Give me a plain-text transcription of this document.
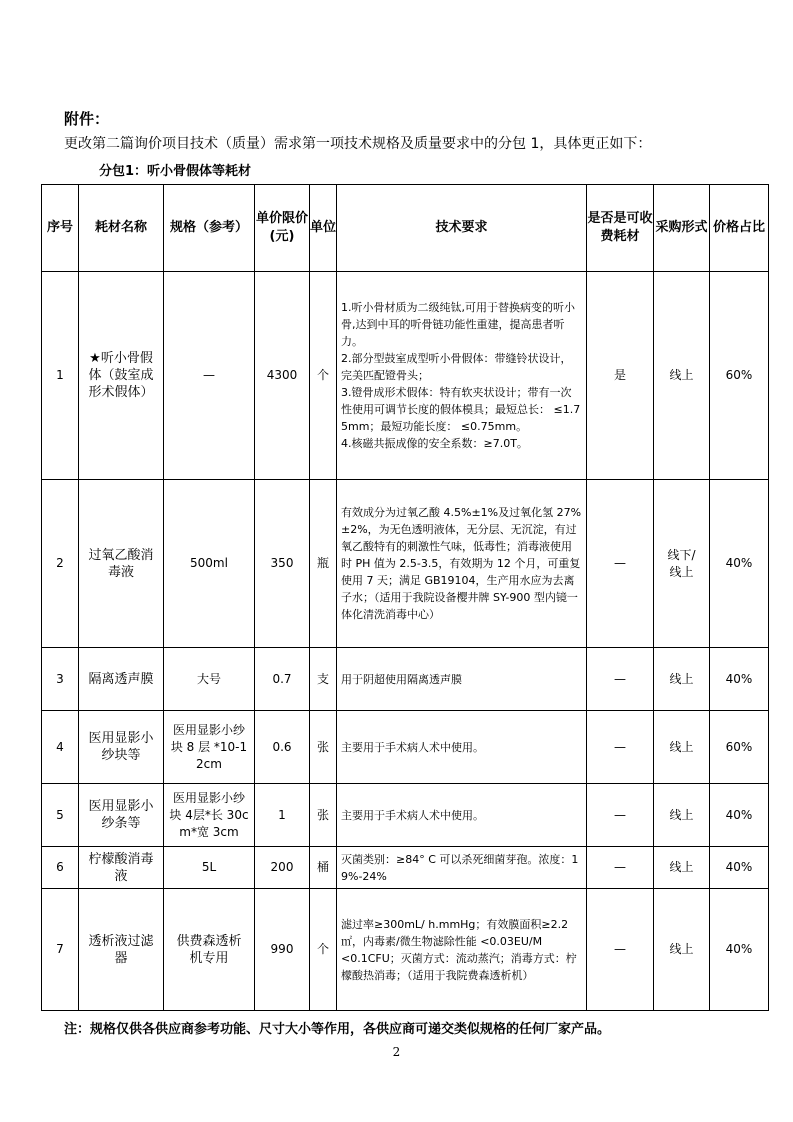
附件：
更改第二篇询价项目技术（质量）需求第一项技术规格及质量要求中的分包 1，具体更正如下：
分包1：听小骨假体等耗材
序号	耗材名称	规格（参考）	单价限价(元)	单位	技术要求	是否是可收费耗材	采购形式	价格占比
1	★听小骨假体（鼓室成形术假体）	—	4300	个	1.听小骨材质为二级纯钛,可用于替换病变的听小骨,达到中耳的听骨链功能性重建，提高患者听力。
2.部分型鼓室成型听小骨假体：带缝铃状设计，完美匹配镫骨头；
3.镫骨成形术假体：特有软夹状设计；带有一次性使用可调节长度的假体模具；最短总长： ≤1.75mm；最短功能长度： ≤0.75mm。
4.核磁共振成像的安全系数：≥7.0T。	是	线上	60%
2	过氧乙酸消毒液	500ml	350	瓶	有效成分为过氧乙酸 4.5%±1%及过氧化氢 27%±2%，为无色透明液体，无分层、无沉淀，有过氧乙酸特有的刺激性气味，低毒性；消毒液使用时 PH 值为 2.5-3.5，有效期为 12 个月，可重复使用 7 天；满足 GB19104，生产用水应为去离子水；（适用于我院设备樱井牌 SY-900 型内镜一体化清洗消毒中心）	—	线下/线上	40%
3	隔离透声膜	大号	0.7	支	用于阴超使用隔离透声膜	—	线上	40%
4	医用显影小纱块等	医用显影小纱块 8 层 *10-12cm	0.6	张	主要用于手术病人术中使用。	—	线上	60%
5	医用显影小纱条等	医用显影小纱块 4层*长 30cm*宽 3cm	1	张	主要用于手术病人术中使用。	—	线上	40%
6	柠檬酸消毒液	5L	200	桶	灭菌类别：≥84° C 可以杀死细菌芽孢。浓度：19%-24%	—	线上	40%
7	透析液过滤器	供费森透析机专用	990	个	滤过率≥300mL/ h.mmHg；有效膜面积≥2.2㎡，内毒素/微生物滤除性能 <0.03EU/M
<0.1CFU；灭菌方式：流动蒸汽；消毒方式：柠檬酸热消毒；（适用于我院费森透析机）	—	线上	40%
注：规格仅供各供应商参考功能、尺寸大小等作用，各供应商可递交类似规格的任何厂家产品。
2
